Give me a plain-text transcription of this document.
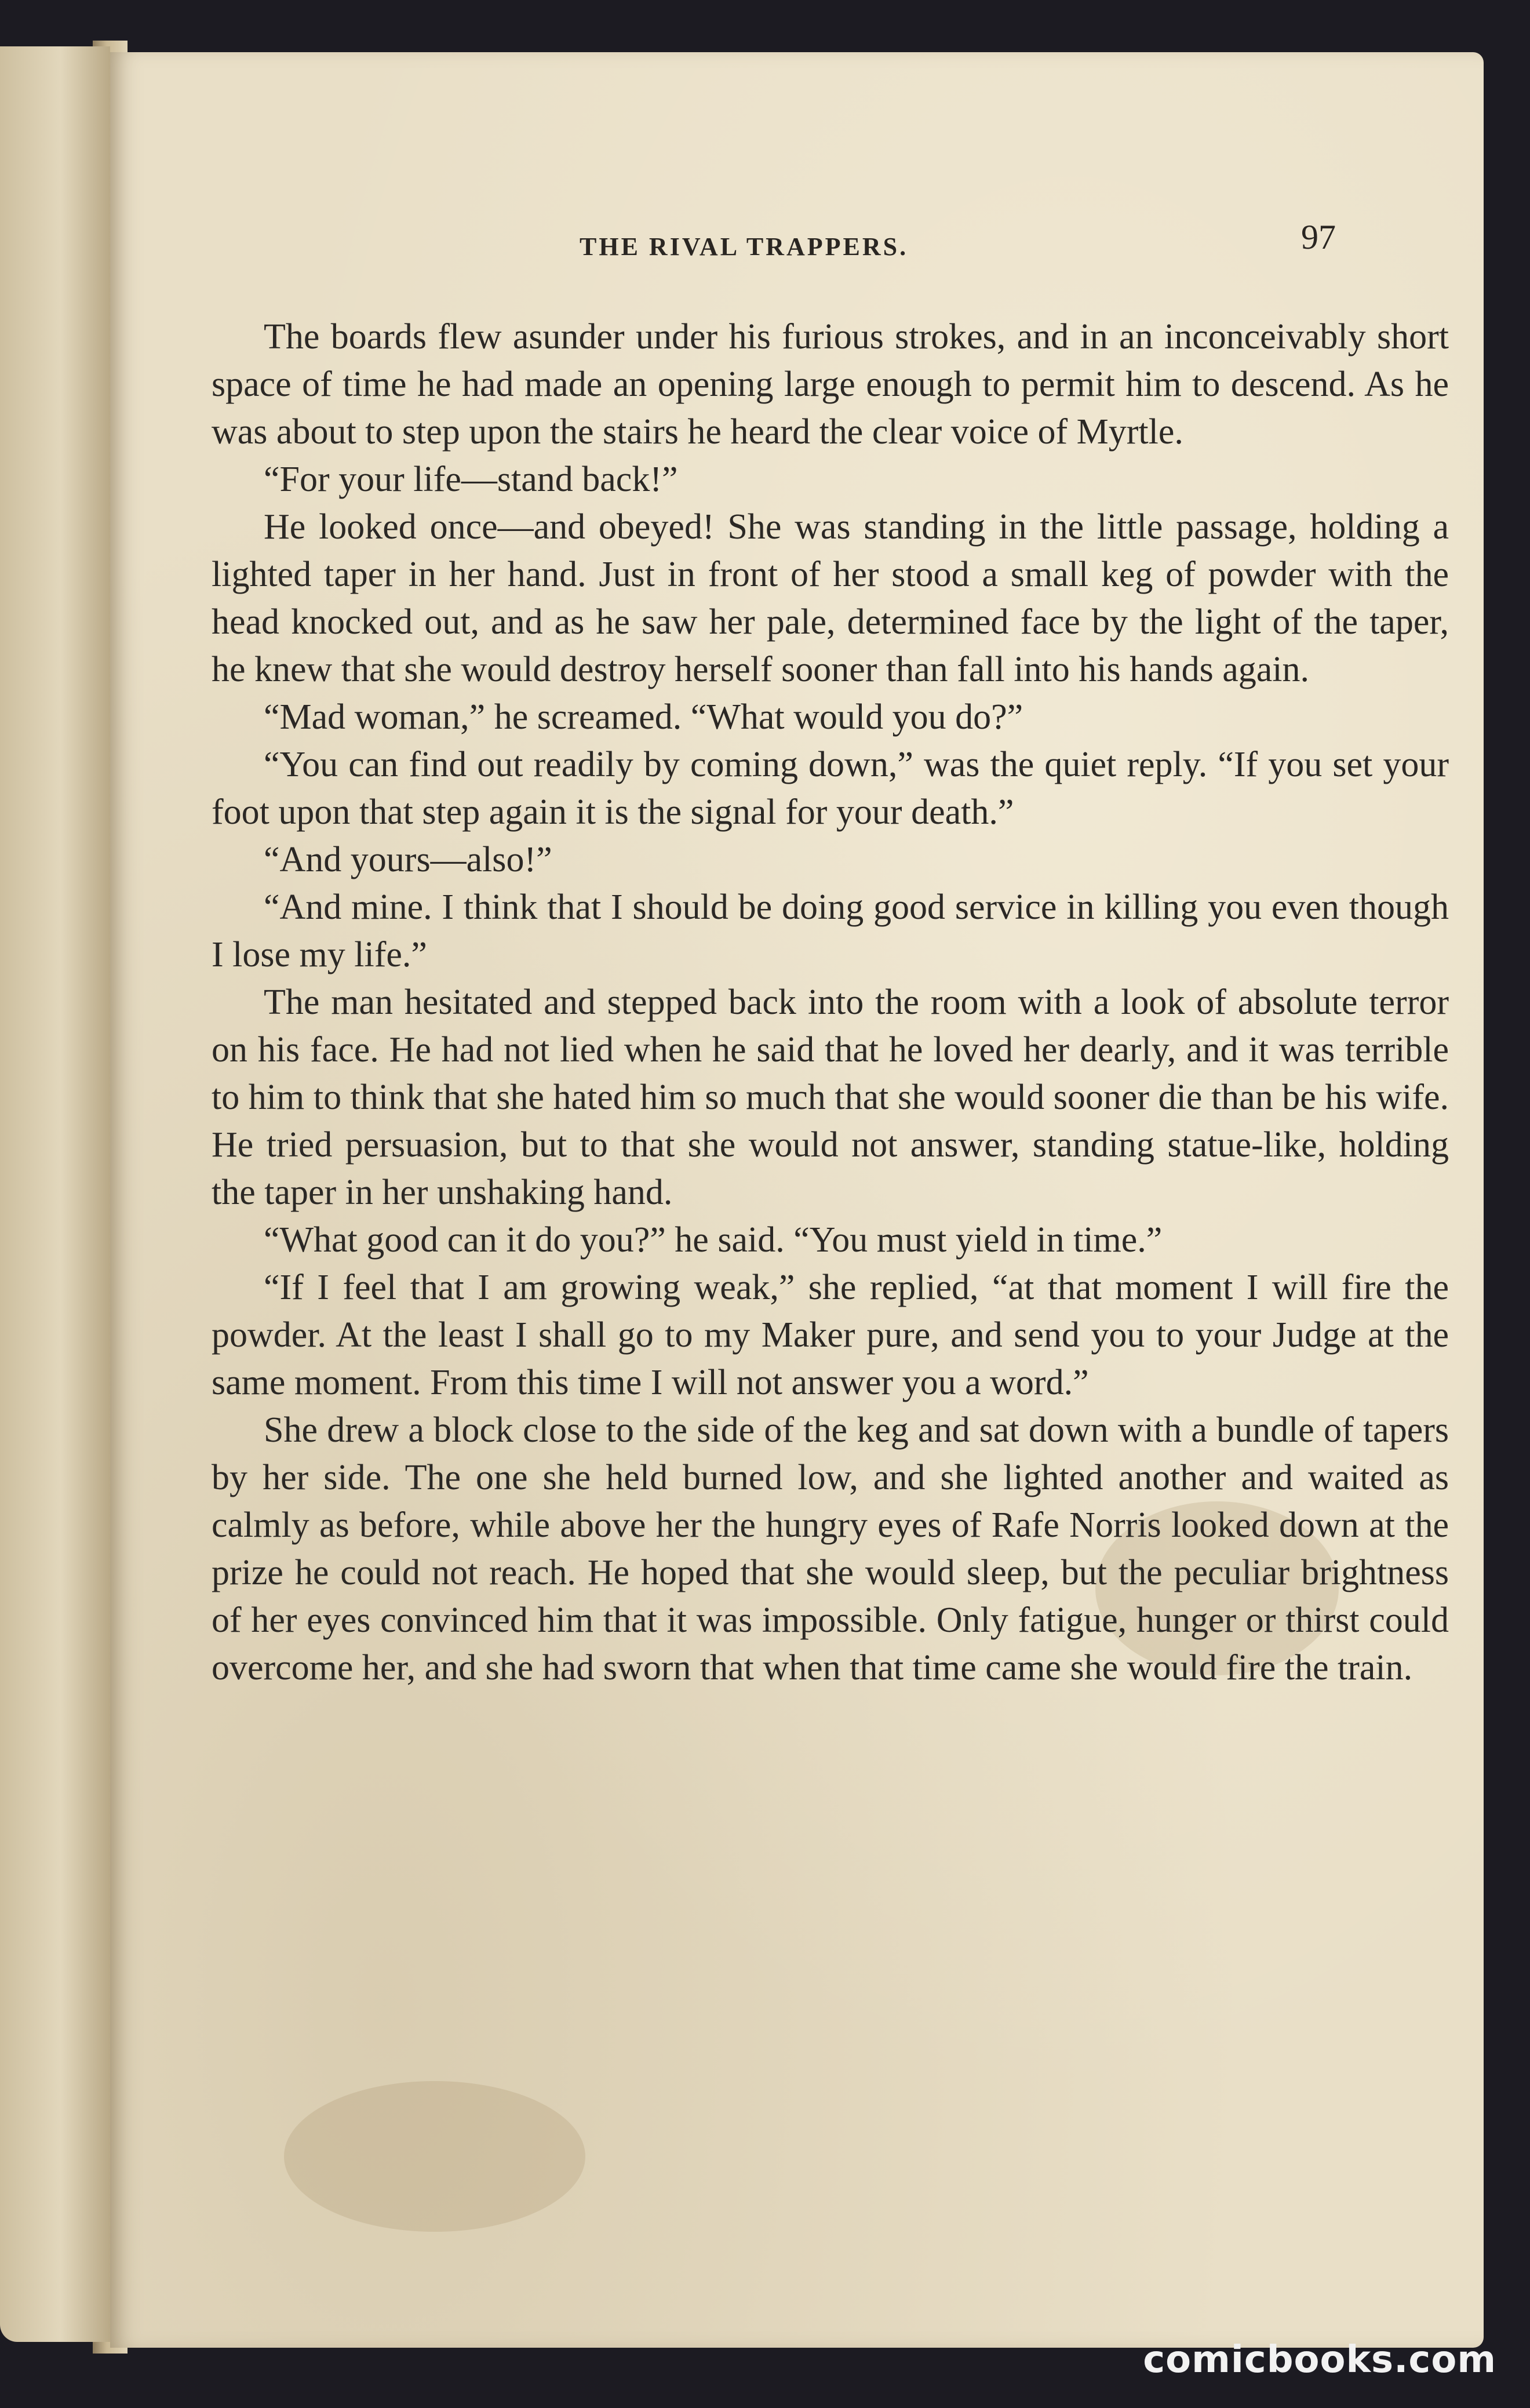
THE RIVAL TRAPPERS.	97

The boards flew asunder under his furious strokes, and in an inconceivably short space of time he had made an opening large enough to permit him to descend. As he was about to step upon the stairs he heard the clear voice of Myrtle.

“For your life—stand back!”

He looked once—and obeyed! She was standing in the little passage, holding a lighted taper in her hand. Just in front of her stood a small keg of powder with the head knocked out, and as he saw her pale, determined face by the light of the taper, he knew that she would destroy herself sooner than fall into his hands again.

“Mad woman,” he screamed. “What would you do?”

“You can find out readily by coming down,” was the quiet reply. “If you set your foot upon that step again it is the signal for your death.”

“And yours—also!”

“And mine. I think that I should be doing good service in killing you even though I lose my life.”

The man hesitated and stepped back into the room with a look of absolute terror on his face. He had not lied when he said that he loved her dearly, and it was terrible to him to think that she hated him so much that she would sooner die than be his wife. He tried persuasion, but to that she would not answer, standing statue-like, holding the taper in her unshaking hand.

“What good can it do you?” he said. “You must yield in time.”

“If I feel that I am growing weak,” she replied, “at that moment I will fire the powder. At the least I shall go to my Maker pure, and send you to your Judge at the same moment. From this time I will not answer you a word.”

She drew a block close to the side of the keg and sat down with a bundle of tapers by her side. The one she held burned low, and she lighted another and waited as calmly as before, while above her the hungry eyes of Rafe Norris looked down at the prize he could not reach. He hoped that she would sleep, but the peculiar brightness of her eyes convinced him that it was impossible. Only fatigue, hunger or thirst could overcome her, and she had sworn that when that time came she would fire the train.

comicbooks.com
